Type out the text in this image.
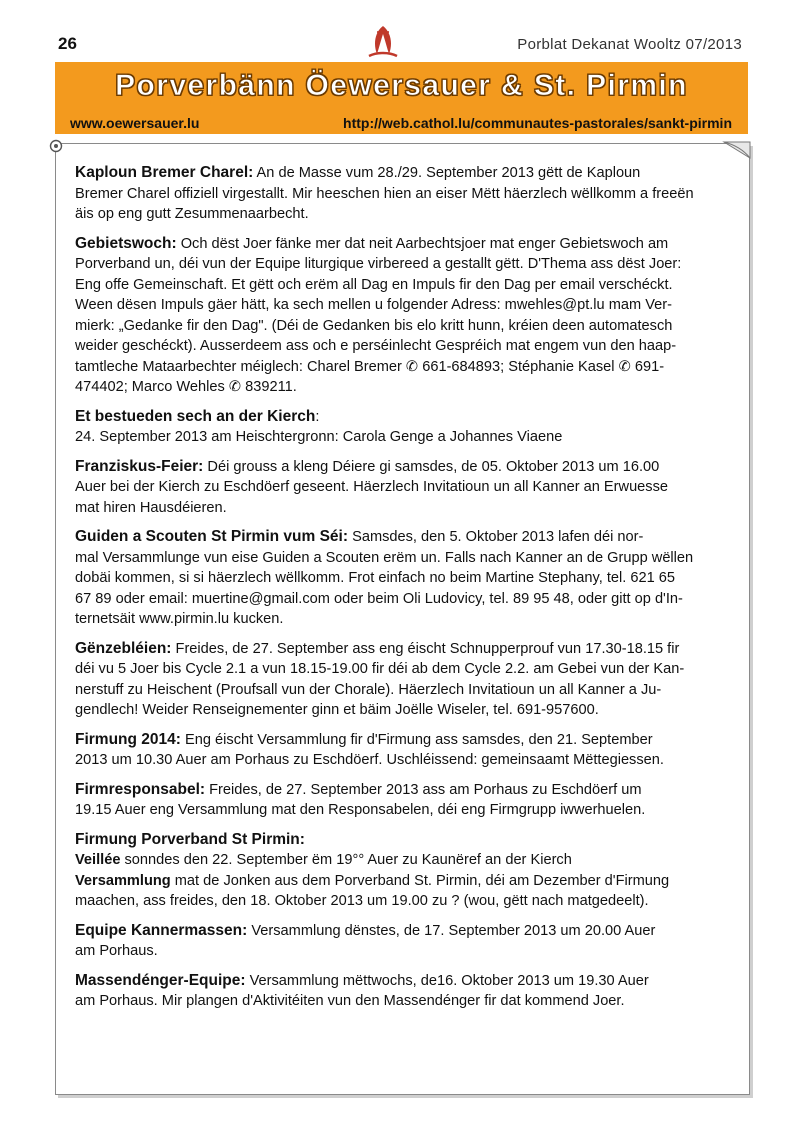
26	Porblat Dekanat Wooltz 07/2013
Porverbänn Öewersauer & St. Pirmin
www.oewersauer.lu	http://web.cathol.lu/communautes-pastorales/sankt-pirmin

Kaploun Bremer Charel: An de Masse vum 28./29. September 2013 gëtt de Kaploun
Bremer Charel offiziell virgestallt. Mir heeschen hien an eiser Mëtt häerzlech wëllkomm a freeën
äis op eng gutt Zesummenaarbecht.

Gebietswoch: Och dëst Joer fänke mer dat neit Aarbechtsjoer mat enger Gebietswoch am
Porverband un, déi vun der Equipe liturgique virbereed a gestallt gëtt. D'Thema ass dëst Joer:
Eng offe Gemeinschaft. Et gëtt och erëm all Dag en Impuls fir den Dag per email verschéckt.
Ween dësen Impuls gäer hätt, ka sech mellen u folgender Adress: mwehles@pt.lu mam Ver-
mierk: „Gedanke fir den Dag". (Déi de Gedanken bis elo kritt hunn, kréien deen automatesch
weider geschéckt). Ausserdeem ass och e perséinlecht Gespréich mat engem vun den haap-
tamtleche Mataarbechter méiglech: Charel Bremer ✆ 661-684893; Stéphanie Kasel ✆ 691-
474402; Marco Wehles ✆ 839211.

Et bestueden sech an der Kierch:
24. September 2013 am Heischtergronn: Carola Genge a Johannes Viaene

Franziskus-Feier: Déi grouss a kleng Déiere gi samsdes, de 05. Oktober 2013 um 16.00
Auer bei der Kierch zu Eschdöerf geseent. Häerzlech Invitatioun un all Kanner an Erwuesse
mat hiren Hausdéieren.

Guiden a Scouten St Pirmin vum Séi: Samsdes, den 5. Oktober 2013 lafen déi nor-
mal Versammlunge vun eise Guiden a Scouten erëm un. Falls nach Kanner an de Grupp wëllen
dobäi kommen, si si häerzlech wëllkomm. Frot einfach no beim Martine Stephany, tel. 621 65
67 89 oder email: muertine@gmail.com oder beim Oli Ludovicy, tel. 89 95 48, oder gitt op d'In-
ternetsäit www.pirmin.lu kucken.

Gënzebléien: Freides, de 27. September ass eng éischt Schnupperprouf vun 17.30-18.15 fir
déi vu 5 Joer bis Cycle 2.1 a vun 18.15-19.00 fir déi ab dem Cycle 2.2. am Gebei vun der Kan-
nerstuff zu Heischent (Proufsall vun der Chorale). Häerzlech Invitatioun un all Kanner a Ju-
gendlech! Weider Renseignementer ginn et bäim Joëlle Wiseler, tel. 691-957600.

Firmung 2014: Eng éischt Versammlung fir d'Firmung ass samsdes, den 21. September
2013 um 10.30 Auer am Porhaus zu Eschdöerf. Uschléissend: gemeinsaamt Mëttegiessen.

Firmresponsabel: Freides, de 27. September 2013 ass am Porhaus zu Eschdöerf um
19.15 Auer eng Versammlung mat den Responsabelen, déi eng Firmgrupp iwwerhuelen.

Firmung Porverband St Pirmin:
Veillée sonndes den 22. September ëm 19°° Auer zu Kaunëref an der Kierch
Versammlung mat de Jonken aus dem Porverband St. Pirmin, déi am Dezember d'Firmung
maachen, ass freides, den 18. Oktober 2013 um 19.00 zu ? (wou, gëtt nach matgedeelt).

Equipe Kannermassen: Versammlung dënstes, de 17. September 2013 um 20.00 Auer
am Porhaus.

Massendénger-Equipe: Versammlung mëttwochs, de16. Oktober 2013 um 19.30 Auer
am Porhaus. Mir plangen d'Aktivitéiten vun den Massendénger fir dat kommend Joer.
